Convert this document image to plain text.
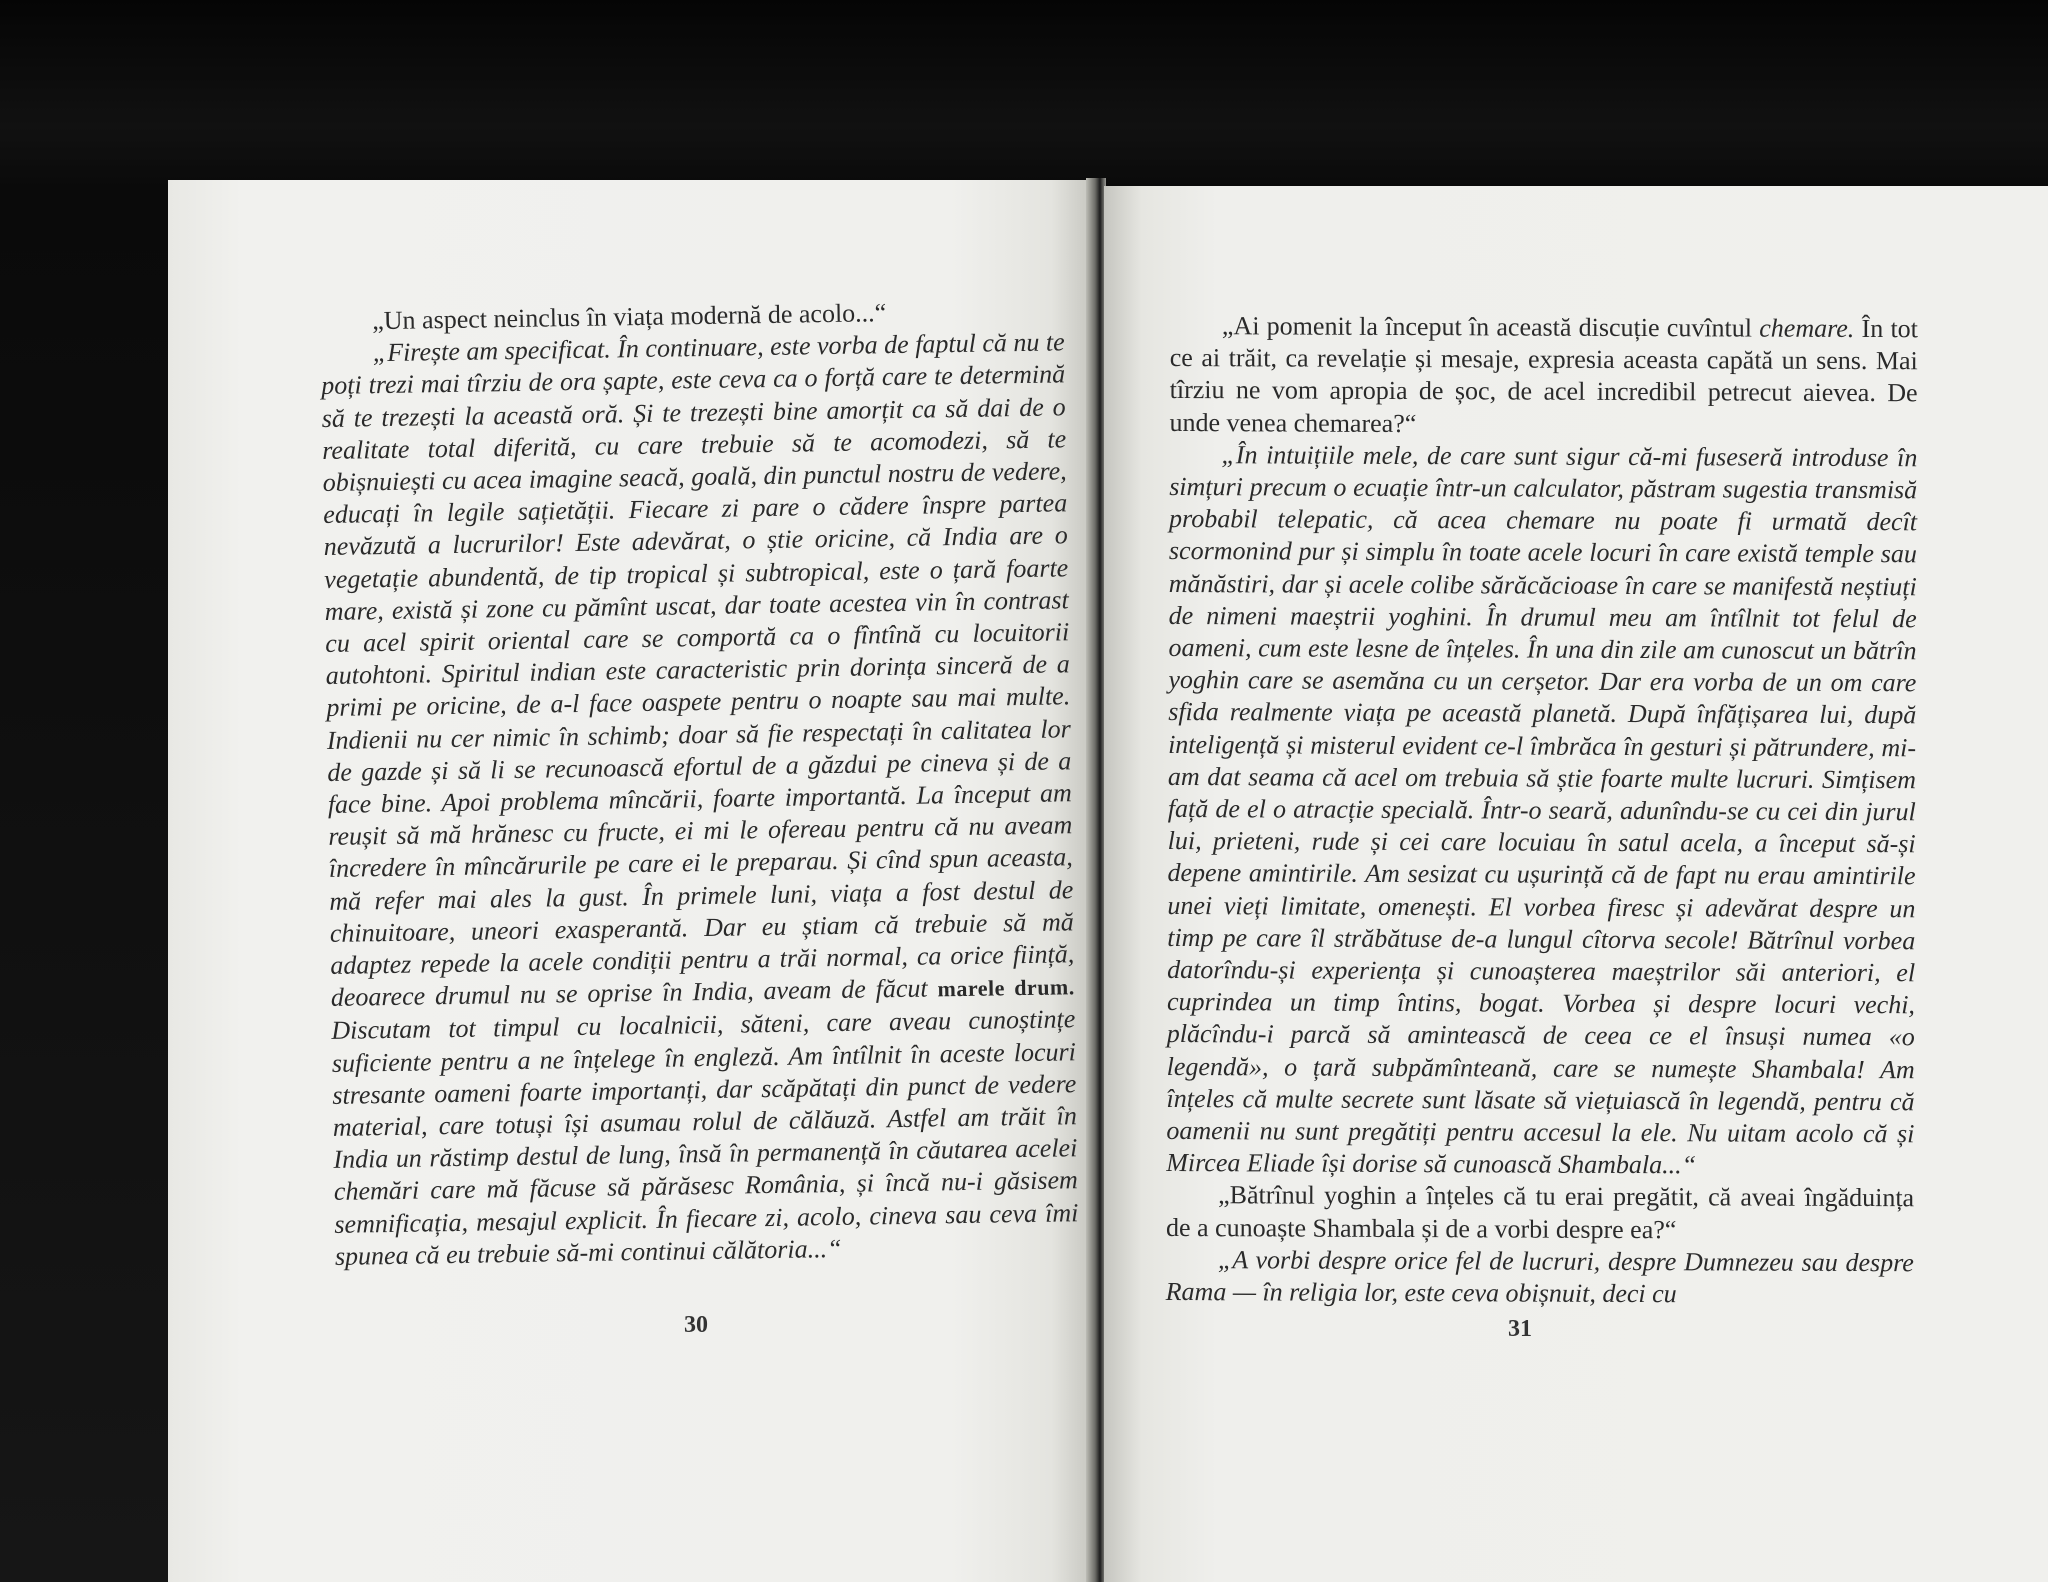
„Un aspect neinclus în viața modernă de acolo...“

„Firește am specificat. În continuare, este vorba de faptul că nu te poți trezi mai tîrziu de ora șapte, este ceva ca o forță care te determină să te trezești la această oră. Și te trezești bine amorțit ca să dai de o realitate total diferită, cu care trebuie să te acomodezi, să te obișnuiești cu acea imagine seacă, goală, din punctul nostru de vedere, educați în legile sațietății. Fiecare zi pare o cădere înspre partea nevăzută a lucrurilor! Este adevărat, o știe oricine, că India are o vegetație abundentă, de tip tropical și subtropical, este o țară foarte mare, există și zone cu pămînt uscat, dar toate acestea vin în contrast cu acel spirit oriental care se comportă ca o fîntînă cu locuitorii autohtoni. Spiritul indian este caracteristic prin dorința sinceră de a primi pe oricine, de a-l face oaspete pentru o noapte sau mai multe. Indienii nu cer nimic în schimb; doar să fie respectați în calitatea lor de gazde și să li se recunoască efortul de a găzdui pe cineva și de a face bine. Apoi problema mîncării, foarte importantă. La început am reușit să mă hrănesc cu fructe, ei mi le ofereau pentru că nu aveam încredere în mîncărurile pe care ei le preparau. Și cînd spun aceasta, mă refer mai ales la gust. În primele luni, viața a fost destul de chinuitoare, uneori exasperantă. Dar eu știam că trebuie să mă adaptez repede la acele condiții pentru a trăi normal, ca orice ființă, deoarece drumul nu se oprise în India, aveam de făcut marele drum. Discutam tot timpul cu localnicii, săteni, care aveau cunoștințe suficiente pentru a ne înțelege în engleză. Am întîlnit în aceste locuri stresante oameni foarte importanți, dar scăpătați din punct de vedere material, care totuși își asumau rolul de călăuză. Astfel am trăit în India un răstimp destul de lung, însă în permanență în căutarea acelei chemări care mă făcuse să părăsesc România, și încă nu-i găsisem semnificația, mesajul explicit. În fiecare zi, acolo, cineva sau ceva îmi spunea că eu trebuie să-mi continui călătoria...“

30

„Ai pomenit la început în această discuție cuvîntul chemare. În tot ce ai trăit, ca revelație și mesaje, expresia aceasta capătă un sens. Mai tîrziu ne vom apropia de șoc, de acel incredibil petrecut aievea. De unde venea chemarea?“

„În intuițiile mele, de care sunt sigur că-mi fuseseră introduse în simțuri precum o ecuație într-un calculator, păstram sugestia transmisă probabil telepatic, că acea chemare nu poate fi urmată decît scormonind pur și simplu în toate acele locuri în care există temple sau mănăstiri, dar și acele colibe sărăcăcioase în care se manifestă neștiuți de nimeni maeștrii yoghini. În drumul meu am întîlnit tot felul de oameni, cum este lesne de înțeles. În una din zile am cunoscut un bătrîn yoghin care se asemăna cu un cerșetor. Dar era vorba de un om care sfida realmente viața pe această planetă. După înfățișarea lui, după inteligență și misterul evident ce-l îmbrăca în gesturi și pătrundere, mi-am dat seama că acel om trebuia să știe foarte multe lucruri. Simțisem față de el o atracție specială. Într-o seară, adunîndu-se cu cei din jurul lui, prieteni, rude și cei care locuiau în satul acela, a început să-și depene amintirile. Am sesizat cu ușurință că de fapt nu erau amintirile unei vieți limitate, omenești. El vorbea firesc și adevărat despre un timp pe care îl străbătuse de-a lungul cîtorva secole! Bătrînul vorbea datorîndu-și experiența și cunoașterea maeștrilor săi anteriori, el cuprindea un timp întins, bogat. Vorbea și despre locuri vechi, plăcîndu-i parcă să amintească de ceea ce el însuși numea «o legendă», o țară subpămînteană, care se numește Shambala! Am înțeles că multe secrete sunt lăsate să viețuiască în legendă, pentru că oamenii nu sunt pregătiți pentru accesul la ele. Nu uitam acolo că și Mircea Eliade își dorise să cunoască Shambala...“

„Bătrînul yoghin a înțeles că tu erai pregătit, că aveai îngăduința de a cunoaște Shambala și de a vorbi despre ea?“

„A vorbi despre orice fel de lucruri, despre Dumnezeu sau despre Rama — în religia lor, este ceva obișnuit, deci cu

31
